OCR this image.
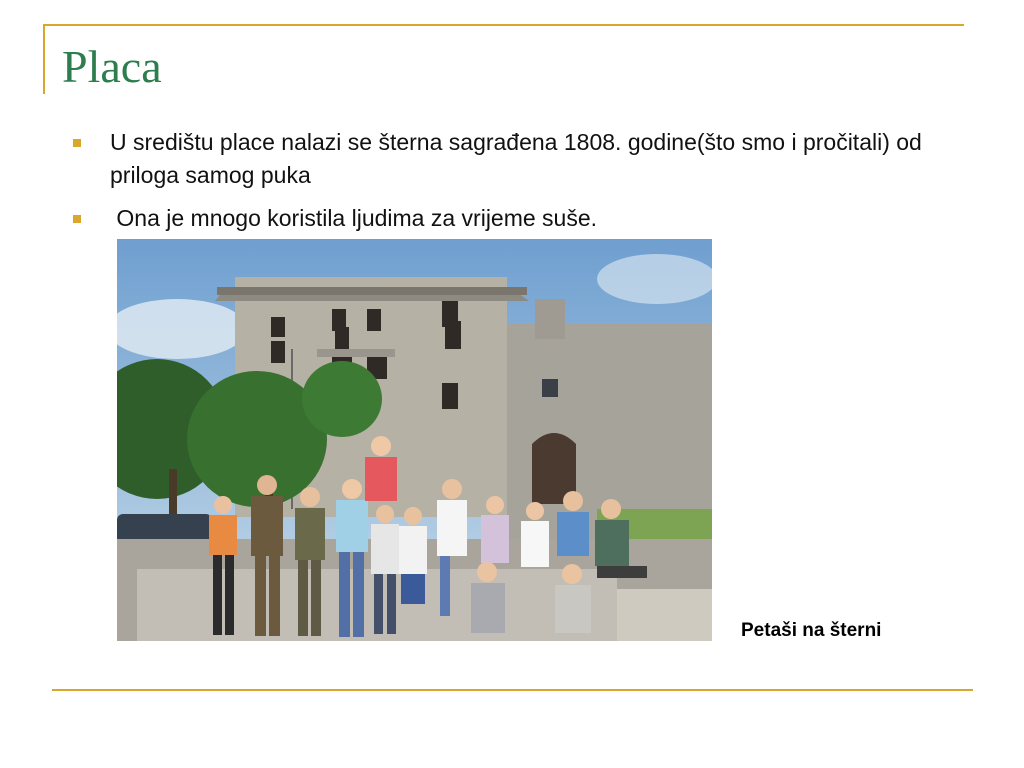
Placa
U središtu place nalazi se šterna sagrađena 1808. godine(što smo i pročitali) od priloga samog puka
Ona je mnogo koristila ljudima za vrijeme suše.
Petaši na šterni
